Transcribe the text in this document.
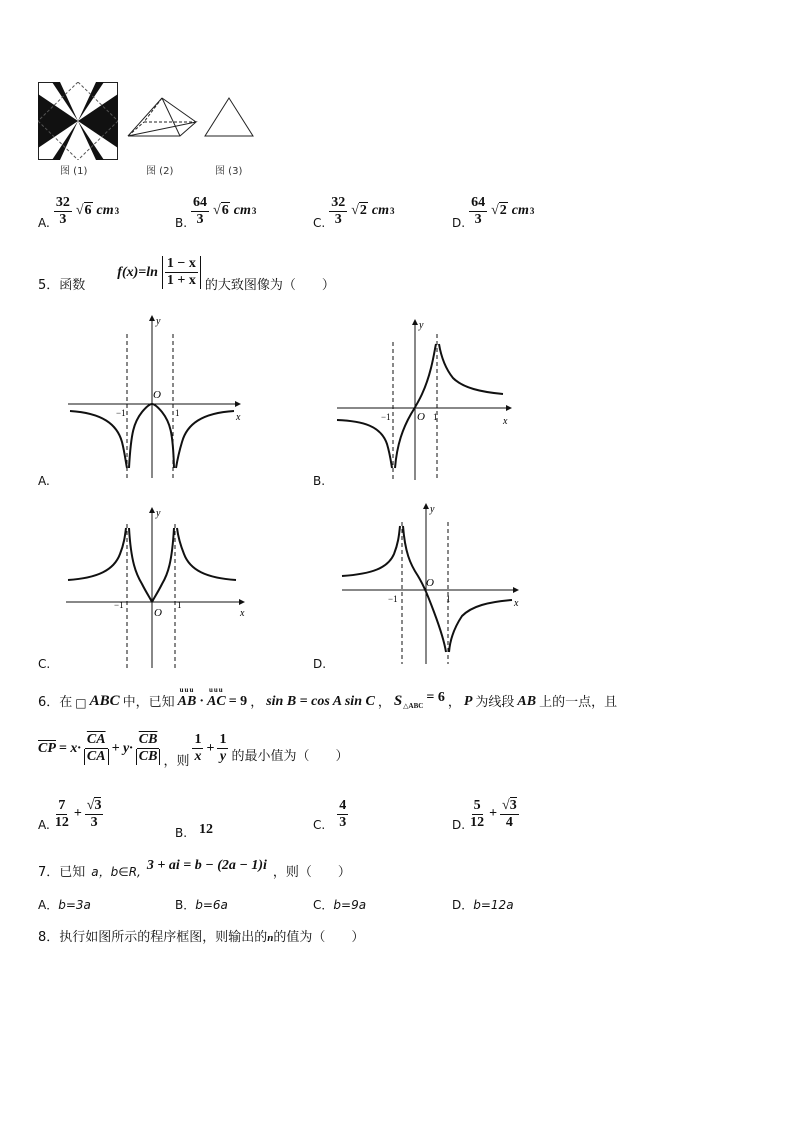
图 (1)	图 (2)	图 (3)
A. $\frac{32}{3} √6$ cm 3
B. $\frac{64}{3} √6$ cm 3
C. $\frac{32}{3} √2$ cm 3
D. $\frac{64}{3} √2$ cm 3
5．函数
$f(x)=\ln \frac{1 - x}{1 + x}$ 的大致图像为（　　）
y
x
O
−1	1
A.
y
x
O
−1	1
B.
y
x
O
−1	1
C.
y
x
O
−1	1
D.
6．在 □ ABC 中，已知
uuu
AB ·
uuu
AC = 9 ， sin B = cos A sin C ， S △ABC
= 6 ， P 为线段 AB 上的一点，且
CP = $x\cdot \frac{\overline{CA}}{CA} + y\cdot \frac{\overline{CB}}{CB}$ ，则 $\frac{1}{x} + \frac{1}{y}$ 的最小值为（　　）
A. $\frac{7}{12} + \frac{√3}{3}$
B. 12	C. $\frac{4}{3}$	D. $\frac{5}{12} + \frac{√3}{4}$
7．已知 a，b∈R, 3 + ai = b − (2a − 1)i ，则（　　）
A．b=3a	B．b=6a	C．b=9a	D．b=12a
8．执行如图所示的程序框图，则输出的n的值为（　　）
